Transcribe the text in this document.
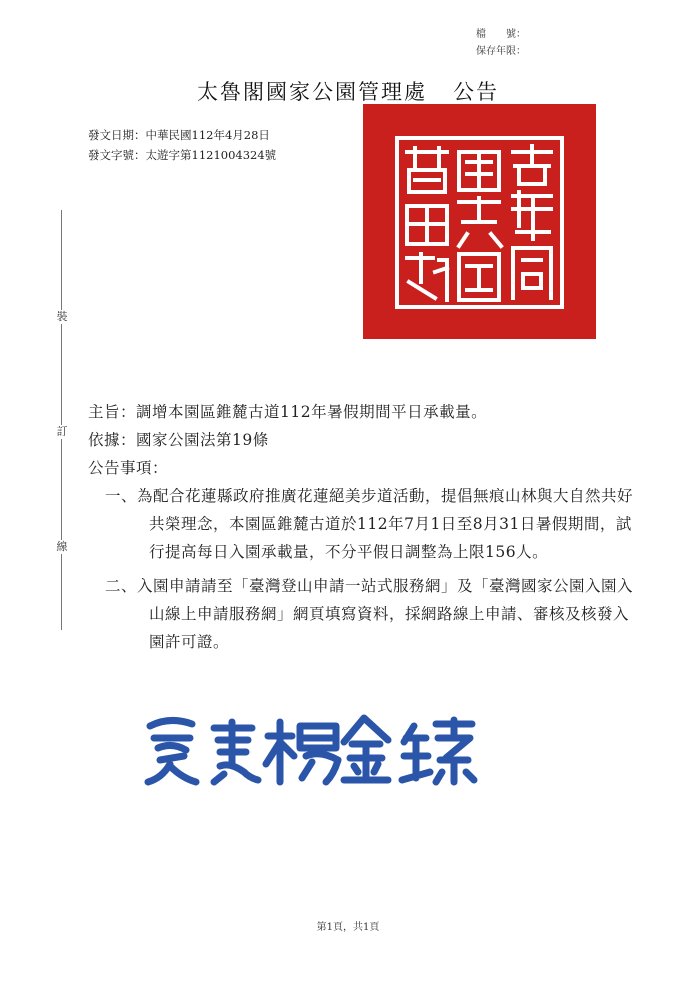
檔　　號：
保存年限：
太魯閣國家公園管理處 公告
發文日期：中華民國112年4月28日
發文字號：太遊字第1121004324號
裝
訂
線
主旨：調增本園區錐麓古道112年暑假期間平日承載量。
依據：國家公園法第19條
公告事項：
一、為配合花蓮縣政府推廣花蓮絕美步道活動，提倡無痕山林與大自然共好共榮理念，本園區錐麓古道於112年7月1日至8月31日暑假期間，試行提高每日入園承載量，不分平假日調整為上限156人。
二、入園申請請至「臺灣登山申請一站式服務網」及「臺灣國家公園入園入山線上申請服務網」網頁填寫資料，採網路線上申請、審核及核發入園許可證。
第1頁，共1頁
